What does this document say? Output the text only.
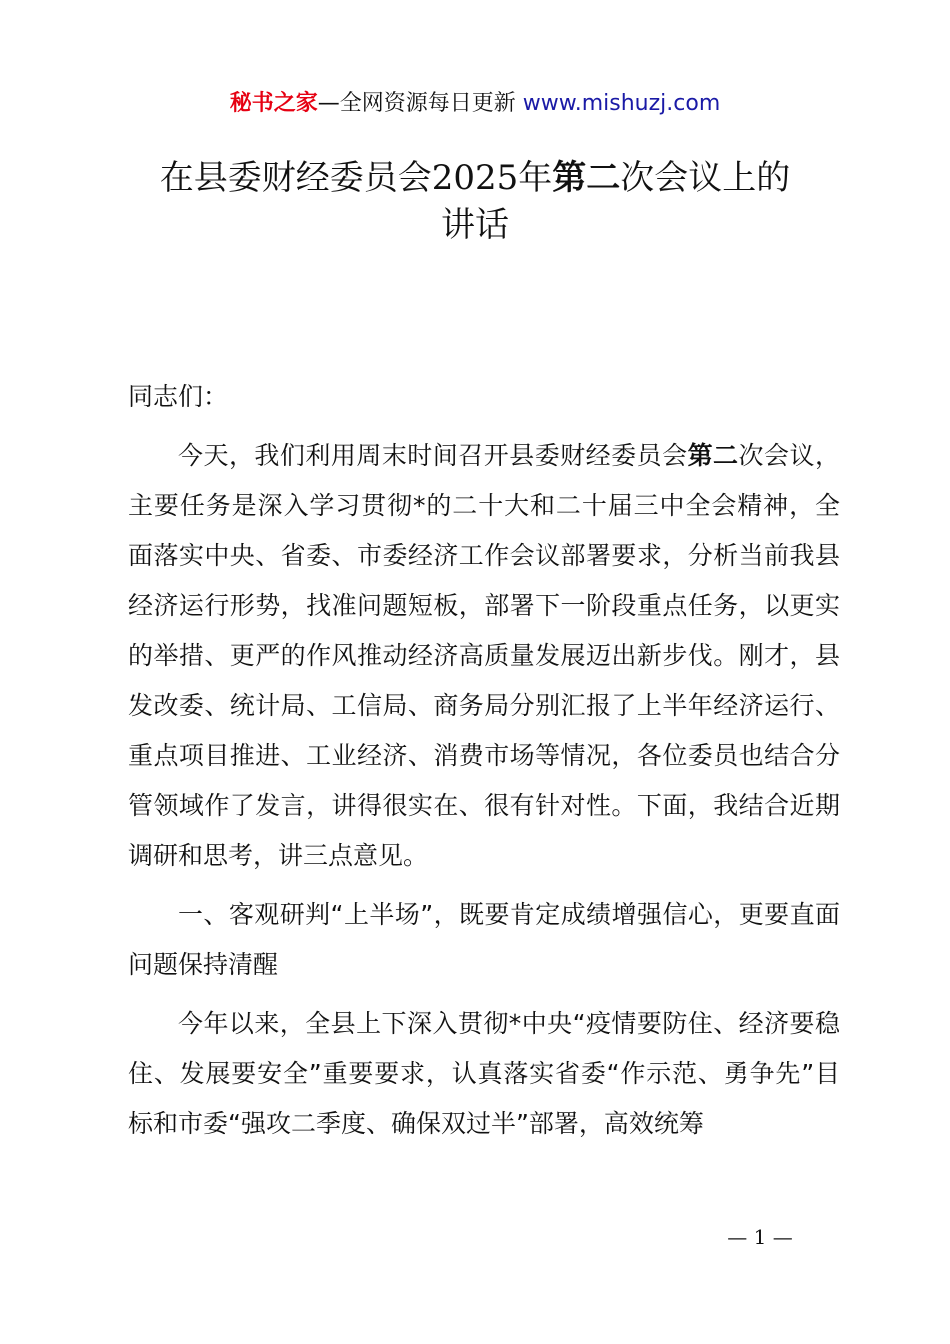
秘书之家—全网资源每日更新 www.mishuzj.com
在县委财经委员会2025年第二次会议上的
讲话

同志们：

今天，我们利用周末时间召开县委财经委员会第二次会议，主要任务是深入学习贯彻*的二十大和二十届三中全会精神，全面落实中央、省委、市委经济工作会议部署要求，分析当前我县经济运行形势，找准问题短板，部署下一阶段重点任务，以更实的举措、更严的作风推动经济高质量发展迈出新步伐。刚才，县发改委、统计局、工信局、商务局分别汇报了上半年经济运行、重点项目推进、工业经济、消费市场等情况，各位委员也结合分管领域作了发言，讲得很实在、很有针对性。下面，我结合近期调研和思考，讲三点意见。

一、客观研判“上半场”，既要肯定成绩增强信心，更要直面问题保持清醒

今年以来，全县上下深入贯彻*中央“疫情要防住、经济要稳住、发展要安全”重要要求，认真落实省委“作示范、勇争先”目标和市委“强攻二季度、确保双过半”部署，高效统筹

— 1 —
